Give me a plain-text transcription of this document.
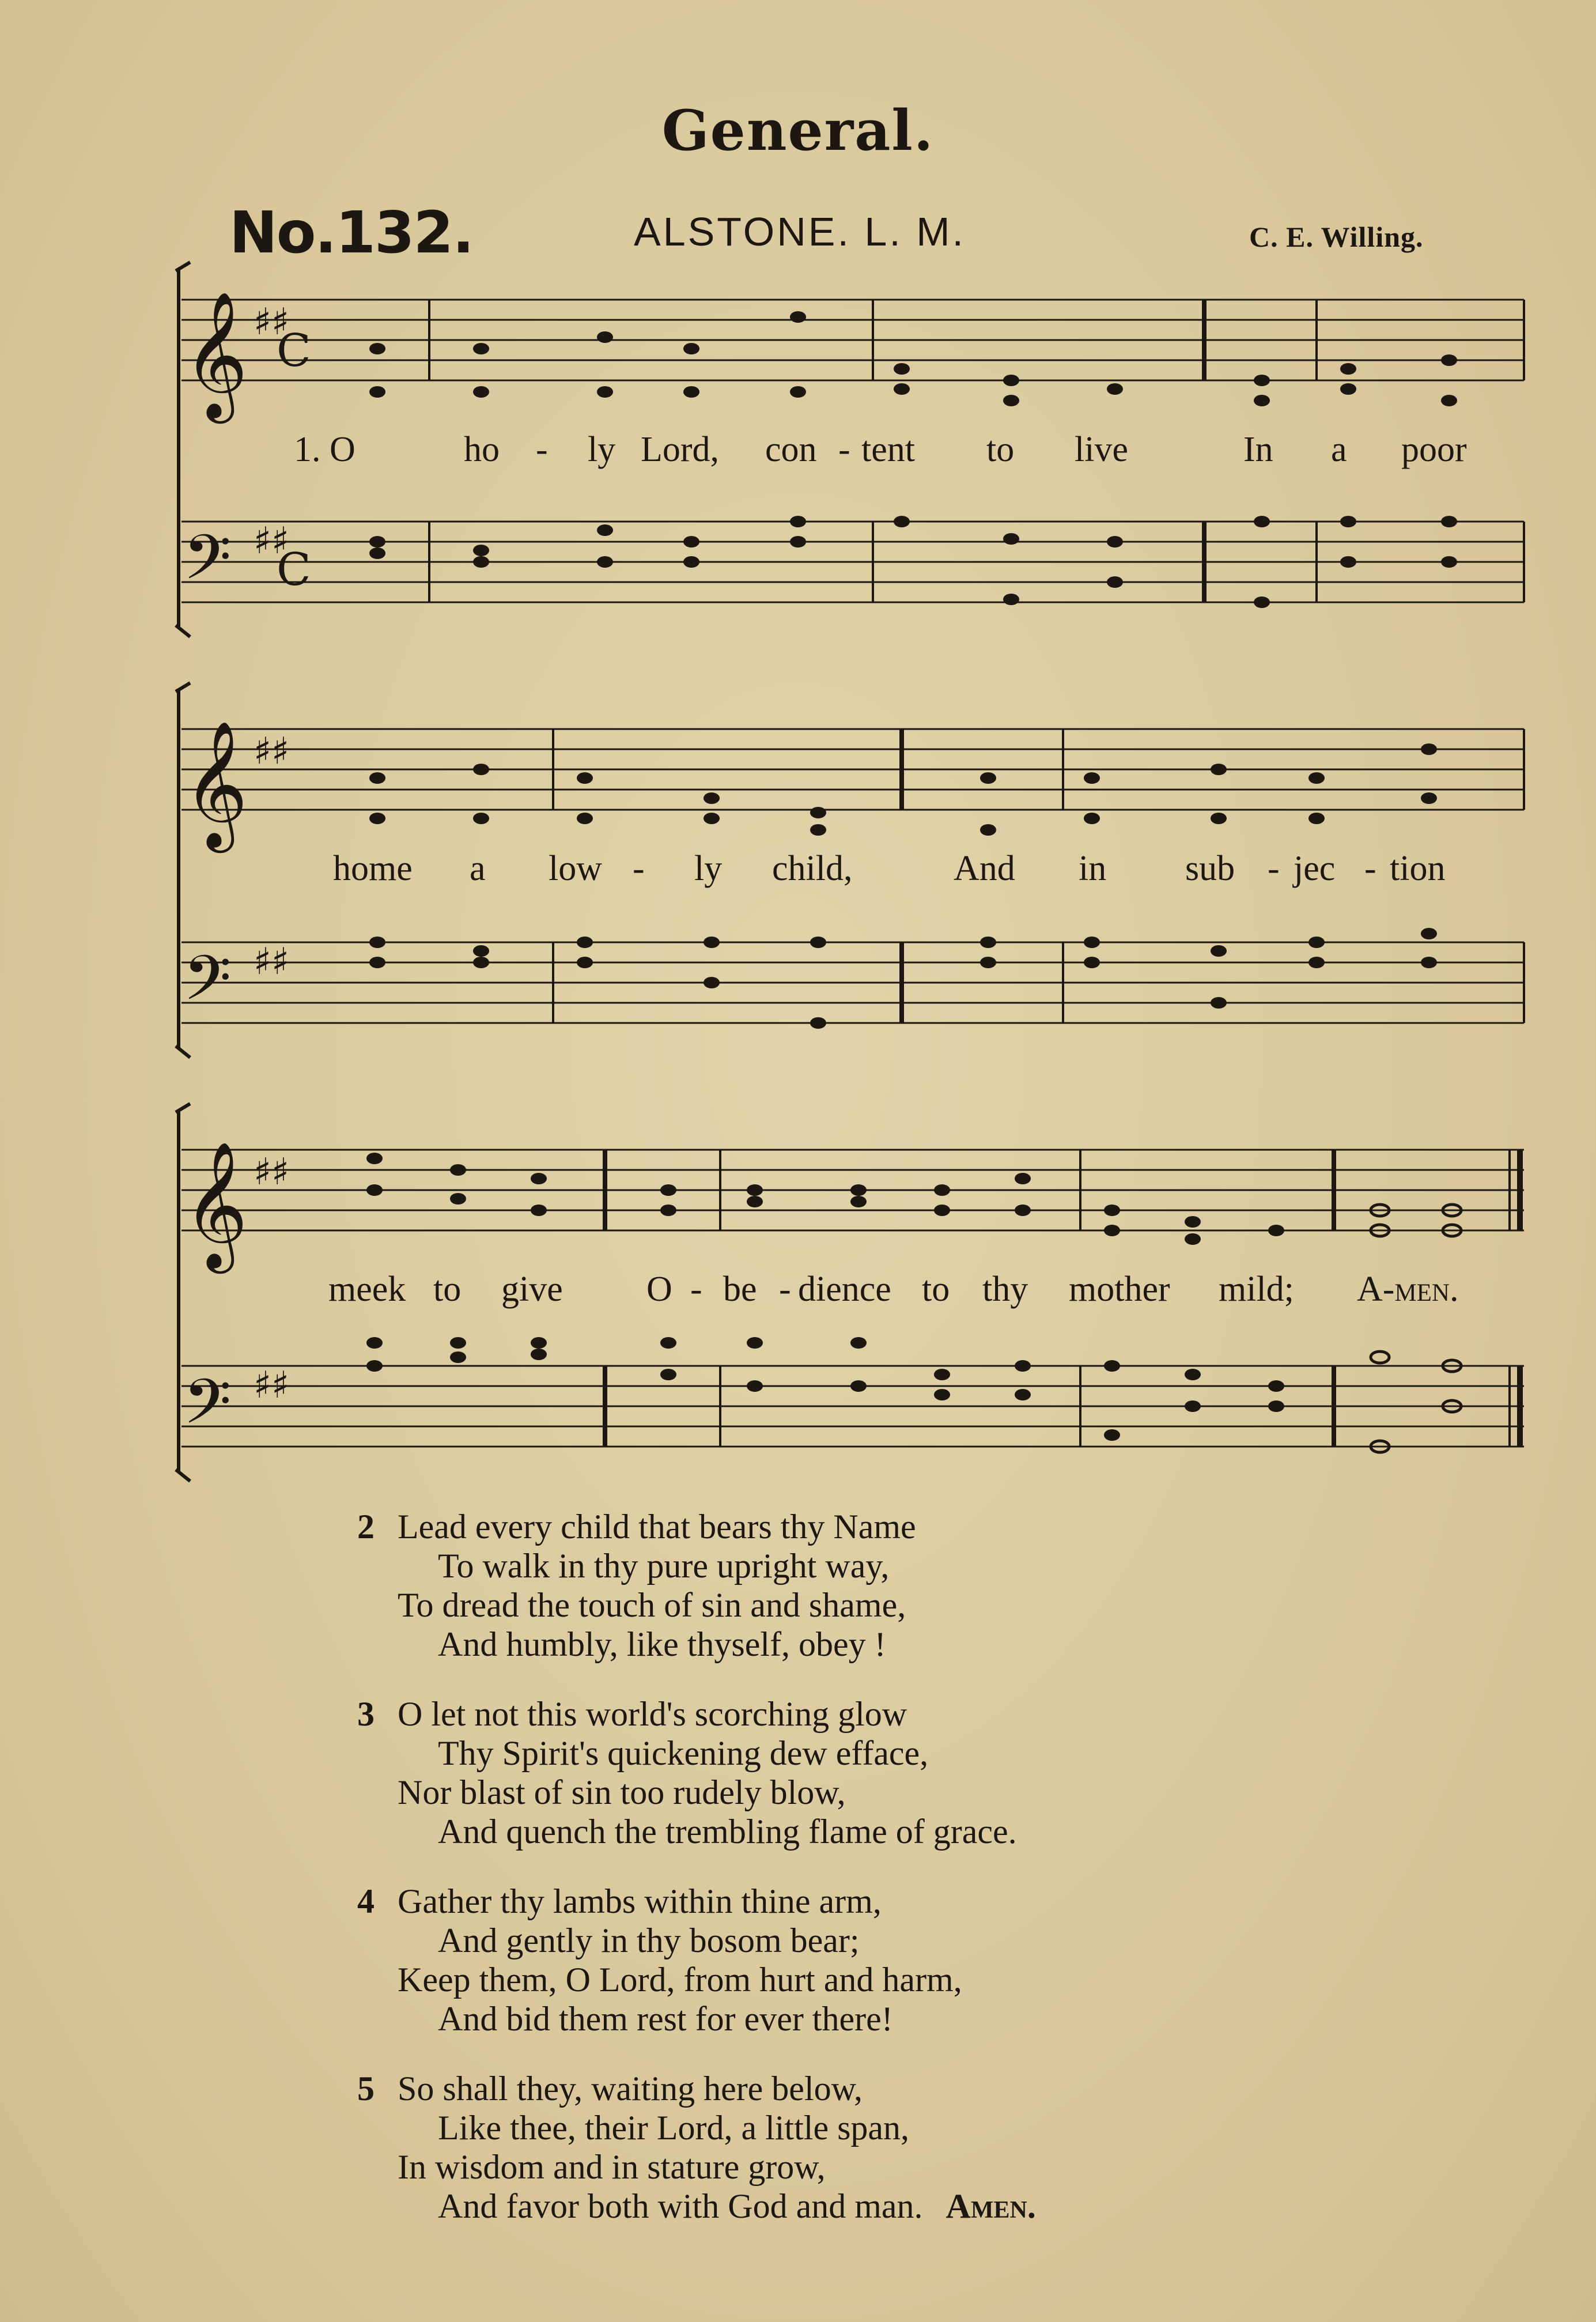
General.
No.132.	ALSTONE. L. M.	C. E. Willing.
𝄞 ♯♯
C
𝄢 ♯♯
C
𝄞 ♯♯
𝄢 ♯♯
𝄞 ♯♯
𝄢 ♯♯
1. O	ho - ly Lord, con - tent to live	In a poor
home a low - ly child,	And in sub - jec - tion
meek to give O - be - dience to thy mother mild; A-men.
2 Lead every child that bears thy Name
To walk in thy pure upright way,
To dread the touch of sin and shame,
And humbly, like thyself, obey !
3 O let not this world's scorching glow
Thy Spirit's quickening dew efface,
Nor blast of sin too rudely blow,
And quench the trembling flame of grace.
4 Gather thy lambs within thine arm,
And gently in thy bosom bear;
Keep them, O Lord, from hurt and harm,
And bid them rest for ever there!
5 So shall they, waiting here below,
Like thee, their Lord, a little span,
In wisdom and in stature grow,
And favor both with God and man. Amen.
